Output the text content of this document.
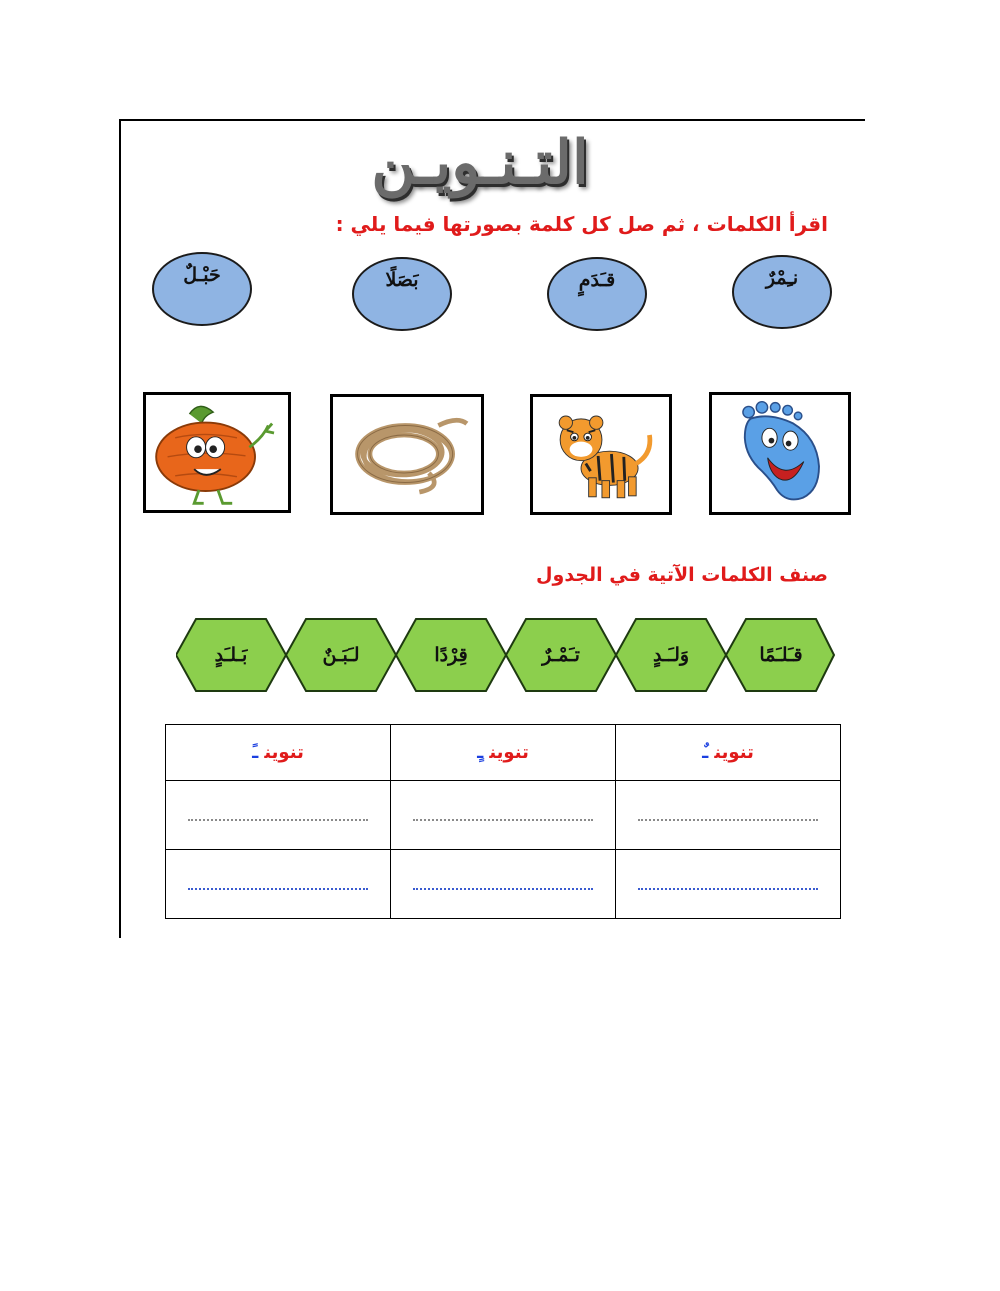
التـنـويـن
اقرأ الكلمات ، ثم صل كل كلمة بصورتها فيما يلي :
نـِمْرٌ
قـَدَمٍ
بَصَلًا
حَبْـلٌ
صنف الكلمات الآتية في الجدول
قـَلـَمًا
وَلـَـدٍ
تـَمْـرٌ
قِرْدًا
لـَبَـنٌ
بَـلـَدٍ
تنوينـً	تنوينـٍ	تنوينـٌ
